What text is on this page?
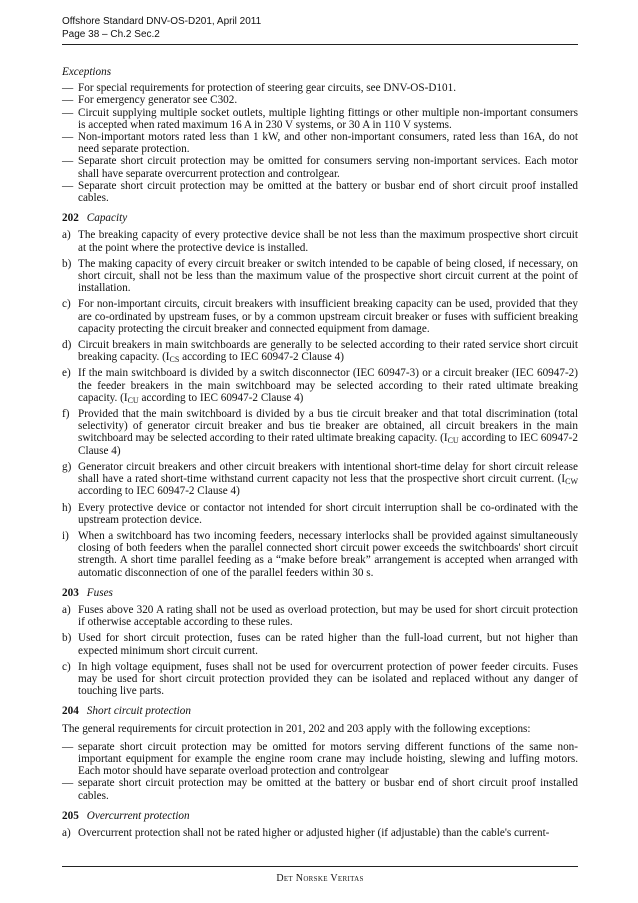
Offshore Standard DNV-OS-D201, April 2011
Page 38 – Ch.2 Sec.2
Exceptions
— For special requirements for protection of steering gear circuits, see DNV-OS-D101.
— For emergency generator see C302.
— Circuit supplying multiple socket outlets, multiple lighting fittings or other multiple non-important consumers is accepted when rated maximum 16 A in 230 V systems, or 30 A in 110 V systems.
— Non-important motors rated less than 1 kW, and other non-important consumers, rated less than 16A, do not need separate protection.
— Separate short circuit protection may be omitted for consumers serving non-important services. Each motor shall have separate overcurrent protection and controlgear.
— Separate short circuit protection may be omitted at the battery or busbar end of short circuit proof installed cables.
202 Capacity
a) The breaking capacity of every protective device shall be not less than the maximum prospective short circuit at the point where the protective device is installed.
b) The making capacity of every circuit breaker or switch intended to be capable of being closed, if necessary, on short circuit, shall not be less than the maximum value of the prospective short circuit current at the point of installation.
c) For non-important circuits, circuit breakers with insufficient breaking capacity can be used, provided that they are co-ordinated by upstream fuses, or by a common upstream circuit breaker or fuses with sufficient breaking capacity protecting the circuit breaker and connected equipment from damage.
d) Circuit breakers in main switchboards are generally to be selected according to their rated service short circuit breaking capacity. ($I_{CS}$ according to IEC 60947-2 Clause 4)
e) If the main switchboard is divided by a switch disconnector (IEC 60947-3) or a circuit breaker (IEC 60947-2) the feeder breakers in the main switchboard may be selected according to their rated ultimate breaking capacity. ($I_{CU}$ according to IEC 60947-2 Clause 4)
f) Provided that the main switchboard is divided by a bus tie circuit breaker and that total discrimination (total selectivity) of generator circuit breaker and bus tie breaker are obtained, all circuit breakers in the main switchboard may be selected according to their rated ultimate breaking capacity. ($I_{CU}$ according to IEC 60947-2 Clause 4)
g) Generator circuit breakers and other circuit breakers with intentional short-time delay for short circuit release shall have a rated short-time withstand current capacity not less that the prospective short circuit current. ($I_{CW}$ according to IEC 60947-2 Clause 4)
h) Every protective device or contactor not intended for short circuit interruption shall be co-ordinated with the upstream protection device.
i) When a switchboard has two incoming feeders, necessary interlocks shall be provided against simultaneously closing of both feeders when the parallel connected short circuit power exceeds the switchboards' short circuit strength. A short time parallel feeding as a “make before break” arrangement is accepted when arranged with automatic disconnection of one of the parallel feeders within 30 s.
203 Fuses
a) Fuses above 320 A rating shall not be used as overload protection, but may be used for short circuit protection if otherwise acceptable according to these rules.
b) Used for short circuit protection, fuses can be rated higher than the full-load current, but not higher than expected minimum short circuit current.
c) In high voltage equipment, fuses shall not be used for overcurrent protection of power feeder circuits. Fuses may be used for short circuit protection provided they can be isolated and replaced without any danger of touching live parts.
204 Short circuit protection
The general requirements for circuit protection in 201, 202 and 203 apply with the following exceptions:
— separate short circuit protection may be omitted for motors serving different functions of the same non-important equipment for example the engine room crane may include hoisting, slewing and luffing motors. Each motor should have separate overload protection and controlgear
— separate short circuit protection may be omitted at the battery or busbar end of short circuit proof installed cables.
205 Overcurrent protection
a) Overcurrent protection shall not be rated higher or adjusted higher (if adjustable) than the cable's current-
Det Norske Veritas
